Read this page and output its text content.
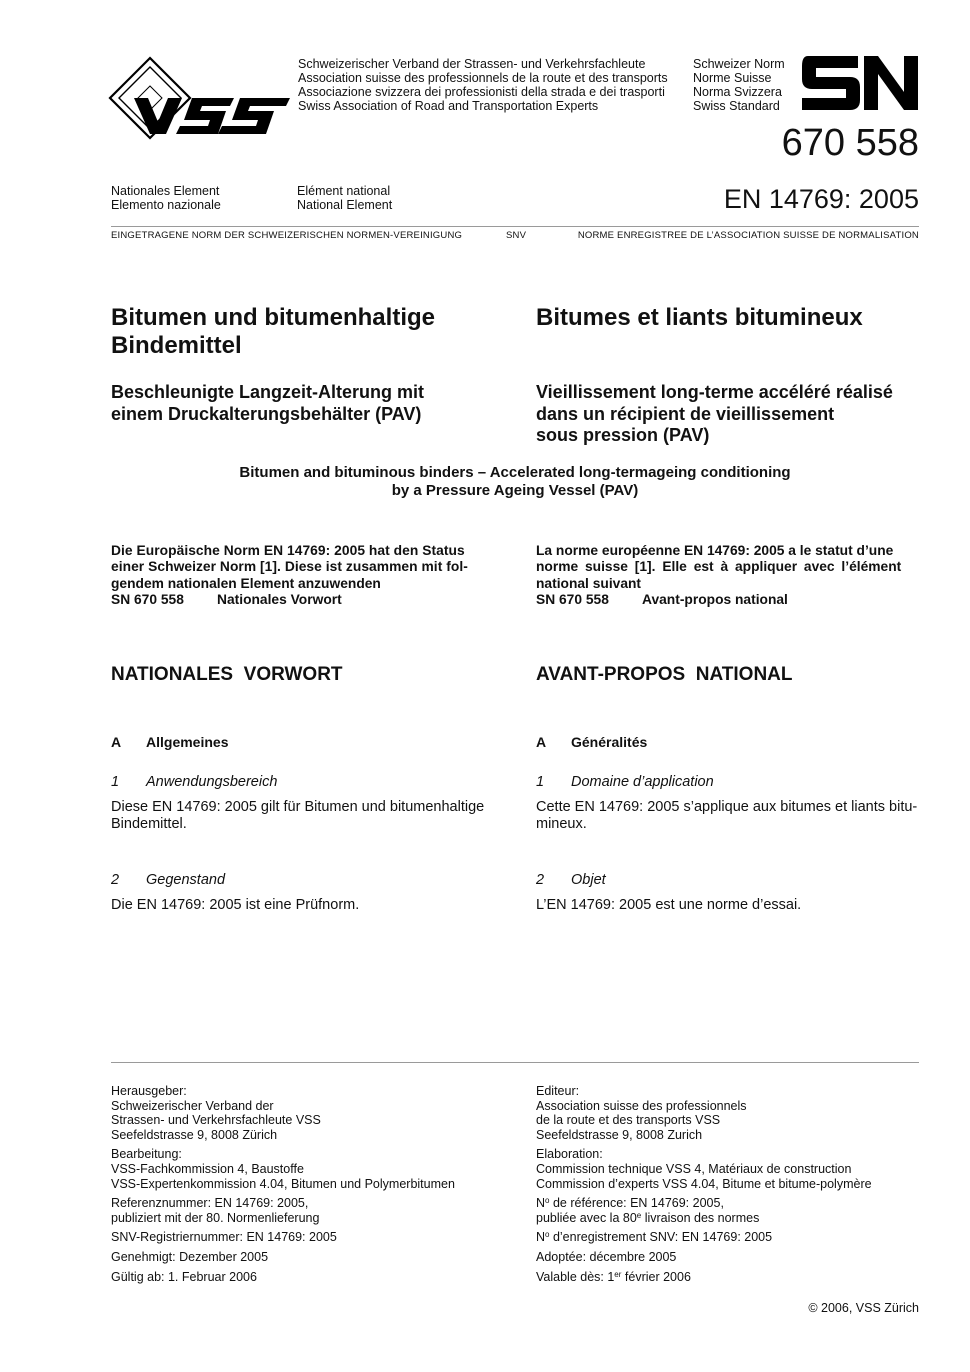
Schweizerischer Verband der Strassen- und Verkehrsfachleute
Association suisse des professionnels de la route et des transports
Associazione svizzera dei professionisti della strada e dei trasporti
Swiss Association of Road and Transportation Experts
Schweizer Norm
Norme Suisse
Norma Svizzera
Swiss Standard
670 558
EN 14769: 2005
Nationales Element
Elemento nazionale
Elément national
National Element
EINGETRAGENE NORM DER SCHWEIZERISCHEN NORMEN-VEREINIGUNG	SNV	NORME ENREGISTREE DE L’ASSOCIATION SUISSE DE NORMALISATION
Bitumen und bitumenhaltige
Bindemittel
Bitumes et liants bitumineux
Beschleunigte Langzeit-Alterung mit
einem Druckalterungsbehälter (PAV)
Vieillissement long-terme accéléré réalisé
dans un récipient de vieillissement
sous pression (PAV)
Bitumen and bituminous binders – Accelerated long-termageing conditioning
by a Pressure Ageing Vessel (PAV)
Die Europäische Norm EN 14769: 2005 hat den Status
einer Schweizer Norm [1]. Diese ist zusammen mit fol-
gendem nationalen Element anzuwenden
SN 670 558 Nationales Vorwort
La norme européenne EN 14769: 2005 a le statut d’une
norme suisse [1]. Elle est à appliquer avec l’élément
national suivant
SN 670 558 Avant-propos national
NATIONALES  VORWORT	AVANT-PROPOS  NATIONAL
A Allgemeines	A Généralités
1 Anwendungsbereich
Diese EN 14769: 2005 gilt für Bitumen und bitumenhaltige
Bindemittel.
1 Domaine d’application
Cette EN 14769: 2005 s’applique aux bitumes et liants bitu-
mineux.
2 Gegenstand
Die EN 14769: 2005 ist eine Prüfnorm.
2 Objet
L’EN 14769: 2005 est une norme d’essai.
Herausgeber:
Schweizerischer Verband der
Strassen- und Verkehrsfachleute VSS
Seefeldstrasse 9, 8008 Zürich
Bearbeitung:
VSS-Fachkommission 4, Baustoffe
VSS-Expertenkommission 4.04, Bitumen und Polymerbitumen
Referenznummer: EN 14769: 2005,
publiziert mit der 80. Normenlieferung
SNV-Registriernummer: EN 14769: 2005
Genehmigt: Dezember 2005
Gültig ab: 1. Februar 2006
Editeur:
Association suisse des professionnels
de la route et des transports VSS
Seefeldstrasse 9, 8008 Zurich
Elaboration:
Commission technique VSS 4, Matériaux de construction
Commission d’experts VSS 4.04, Bitume et bitume-polymère
$N^o$ de référence: EN 14769: 2005,
publiée avec la 80e livraison des normes
$N^o$ d’enregistrement SNV: EN 14769: 2005
Adoptée: décembre 2005
Valable dès: 1er février 2006
© 2006, VSS Zürich
